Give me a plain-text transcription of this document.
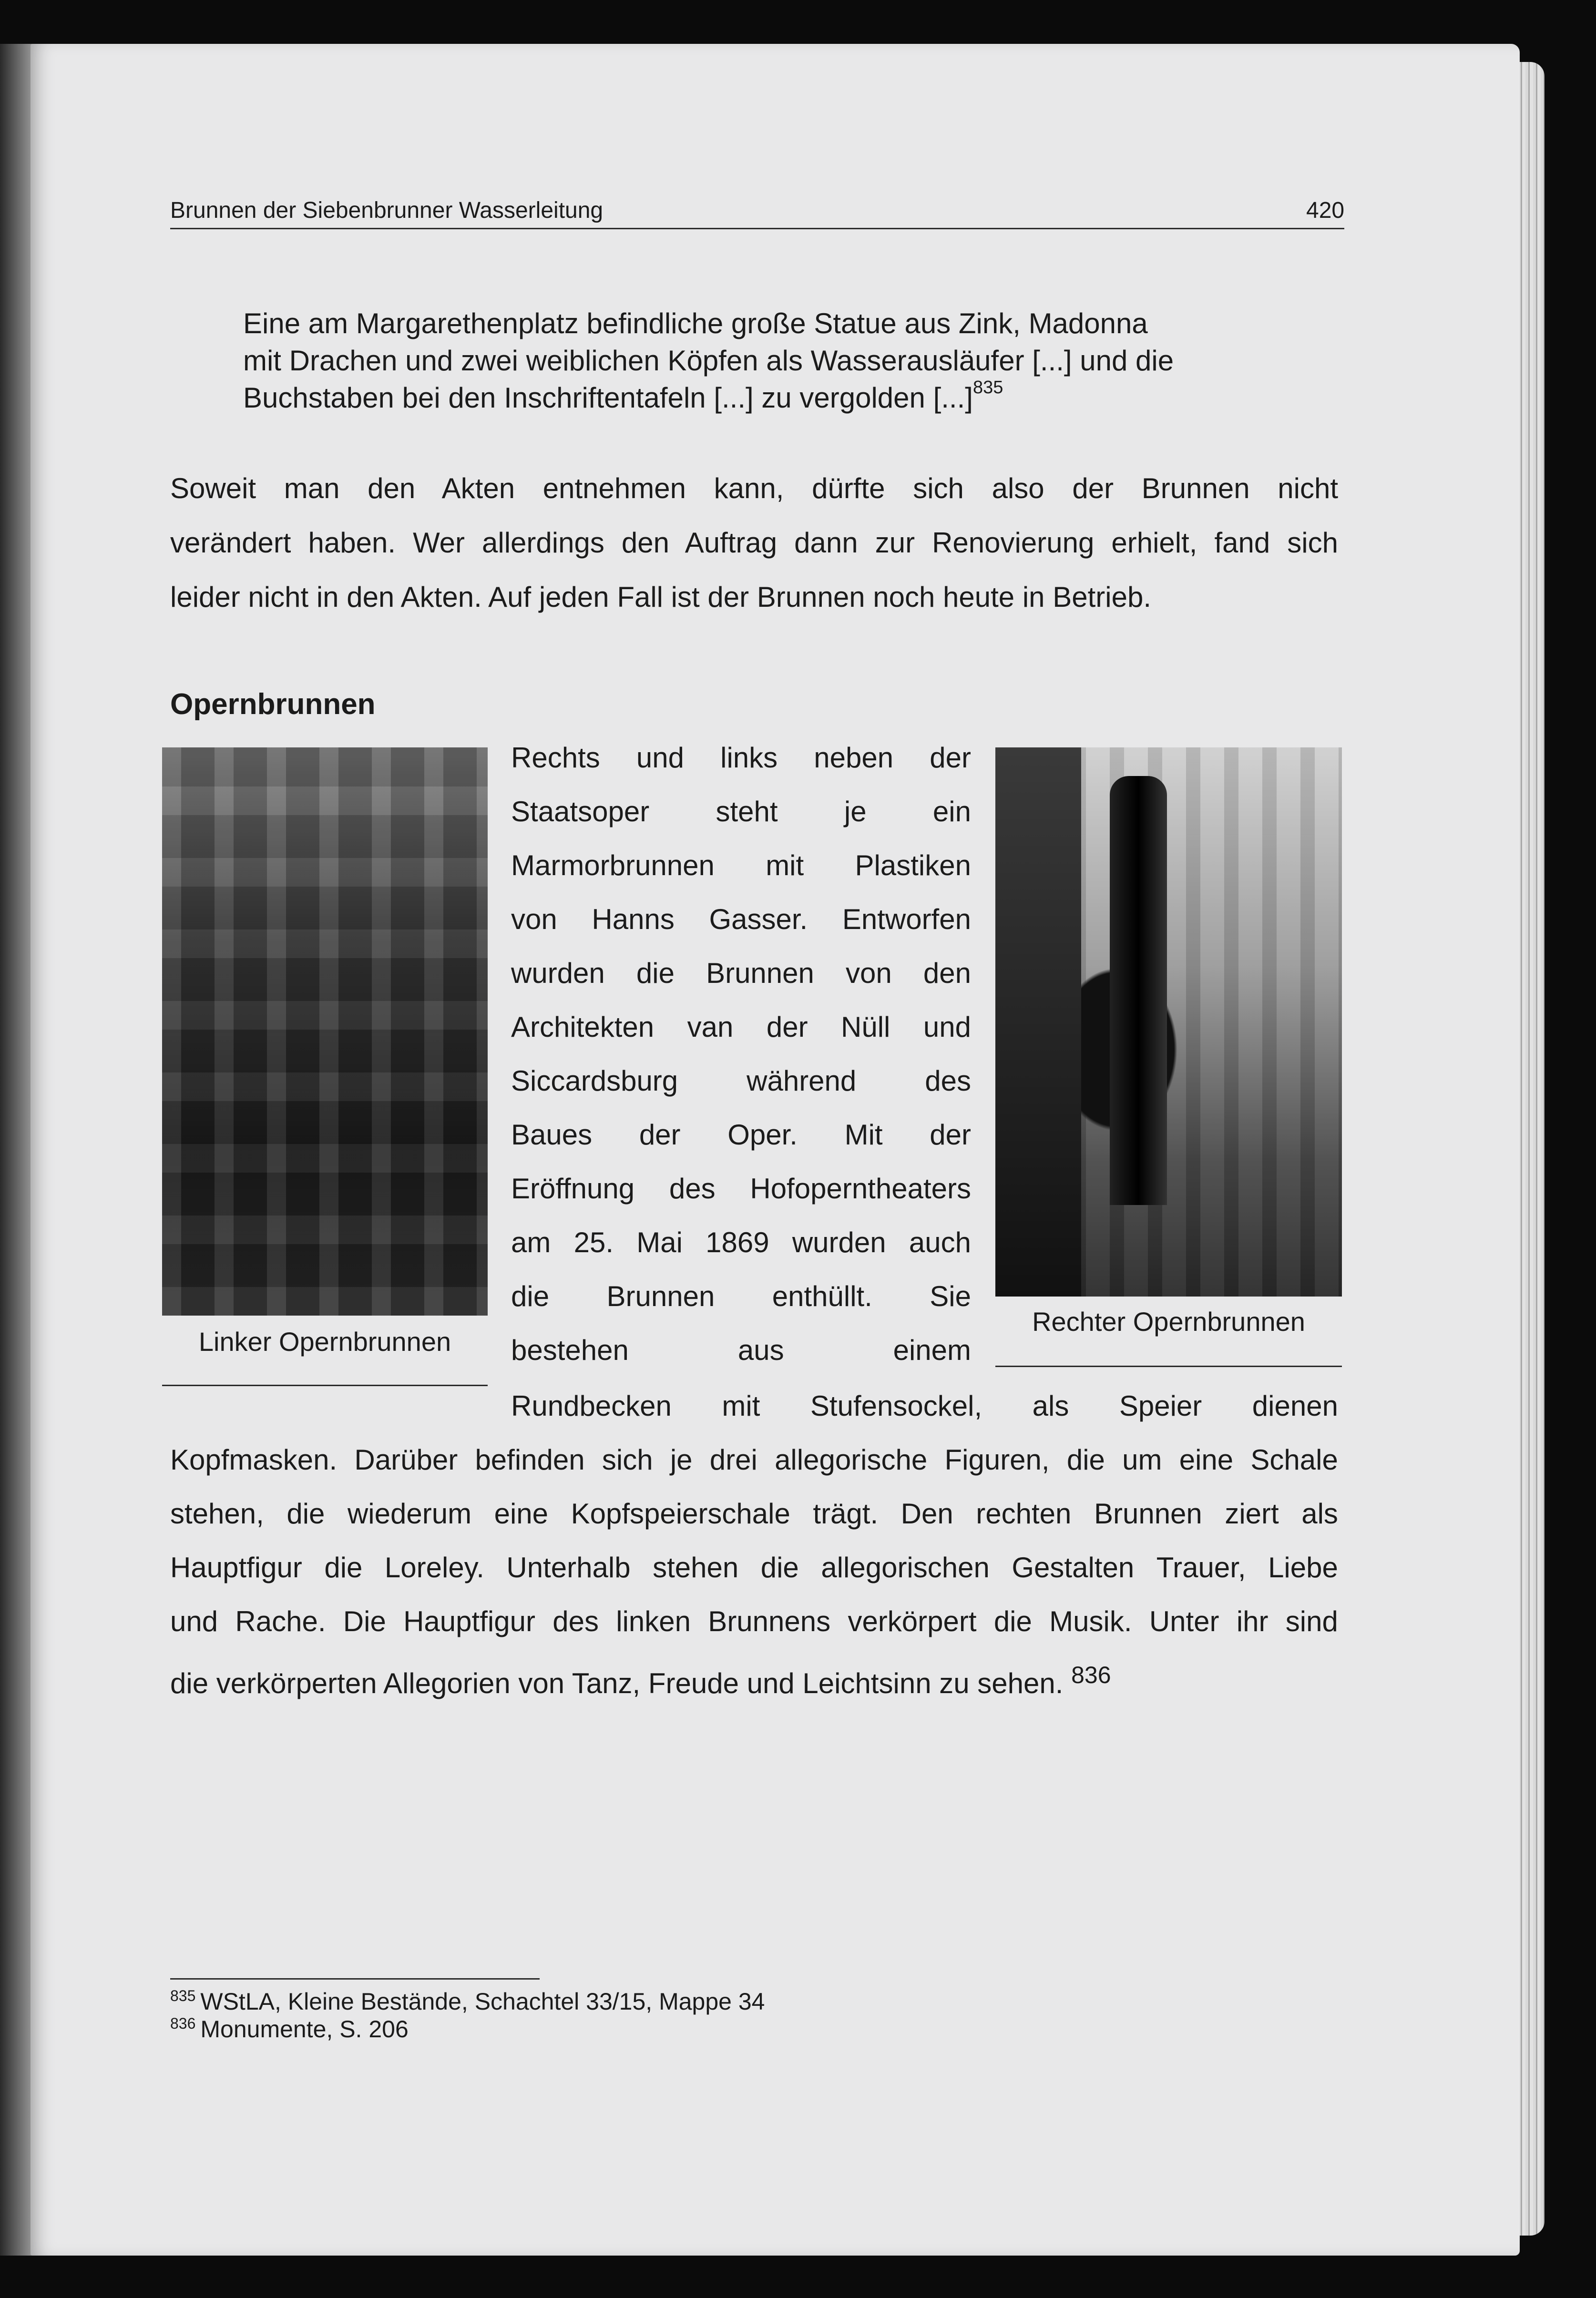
Brunnen der Siebenbrunner Wasserleitung	420
Eine am Margarethenplatz befindliche große Statue aus Zink, Madonna
mit Drachen und zwei weiblichen Köpfen als Wasserausläufer [...] und die
Buchstaben bei den Inschriftentafeln [...] zu vergolden [...]$^{835}$
Soweit man den Akten entnehmen kann, dürfte sich also der Brunnen nicht
verändert haben. Wer allerdings den Auftrag dann zur Renovierung erhielt, fand sich
leider nicht in den Akten. Auf jeden Fall ist der Brunnen noch heute in Betrieb.
Opernbrunnen
Linker Opernbrunnen
Rechter Opernbrunnen
Rechts und links neben der
Staatsoper steht je ein
Marmorbrunnen mit Plastiken
von Hanns Gasser. Entworfen
wurden die Brunnen von den
Architekten van der Nüll und
Siccardsburg während des
Baues der Oper. Mit der
Eröffnung des Hofoperntheaters
am 25. Mai 1869 wurden auch
die Brunnen enthüllt. Sie
bestehen	aus	einem
Rundbecken mit Stufensockel, als Speier dienen
Kopfmasken. Darüber befinden sich je drei allegorische Figuren, die um eine Schale
stehen, die wiederum eine Kopfspeierschale trägt. Den rechten Brunnen ziert als
Hauptfigur die Loreley. Unterhalb stehen die allegorischen Gestalten Trauer, Liebe
und Rache. Die Hauptfigur des linken Brunnens verkörpert die Musik. Unter ihr sind
die verkörperten Allegorien von Tanz, Freude und Leichtsinn zu sehen. $^{836}$
$^{835}$ WStLA, Kleine Bestände, Schachtel 33/15, Mappe 34
$^{836}$ Monumente, S. 206
